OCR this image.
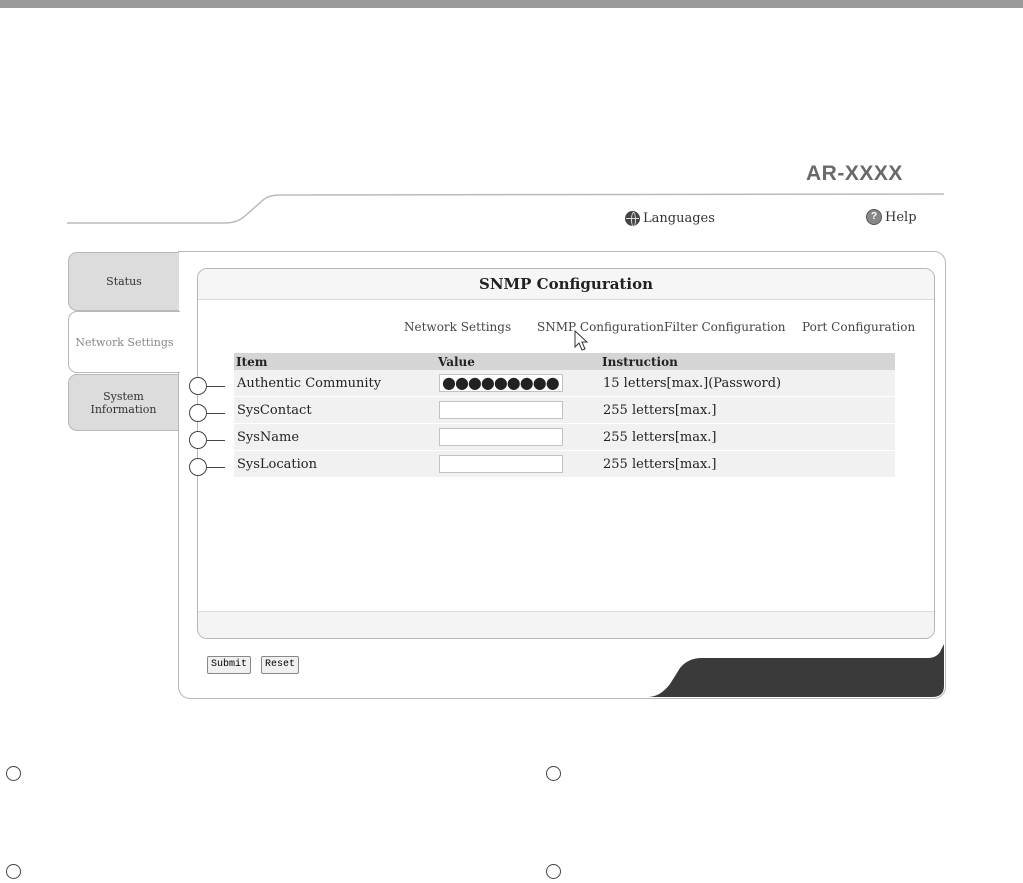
AR-XXXX
Languages	? Help
Status
Network Settings
System Information
SNMP Configuration
Network Settings SNMP Configuration Filter Configuration Port Configuration
Item	Value	Instruction
Authentic Community	●●●●●●●●●	15 letters[max.](Password)
SysContact		255 letters[max.]
SysName		255 letters[max.]
SysLocation		255 letters[max.]
Submit	Reset
